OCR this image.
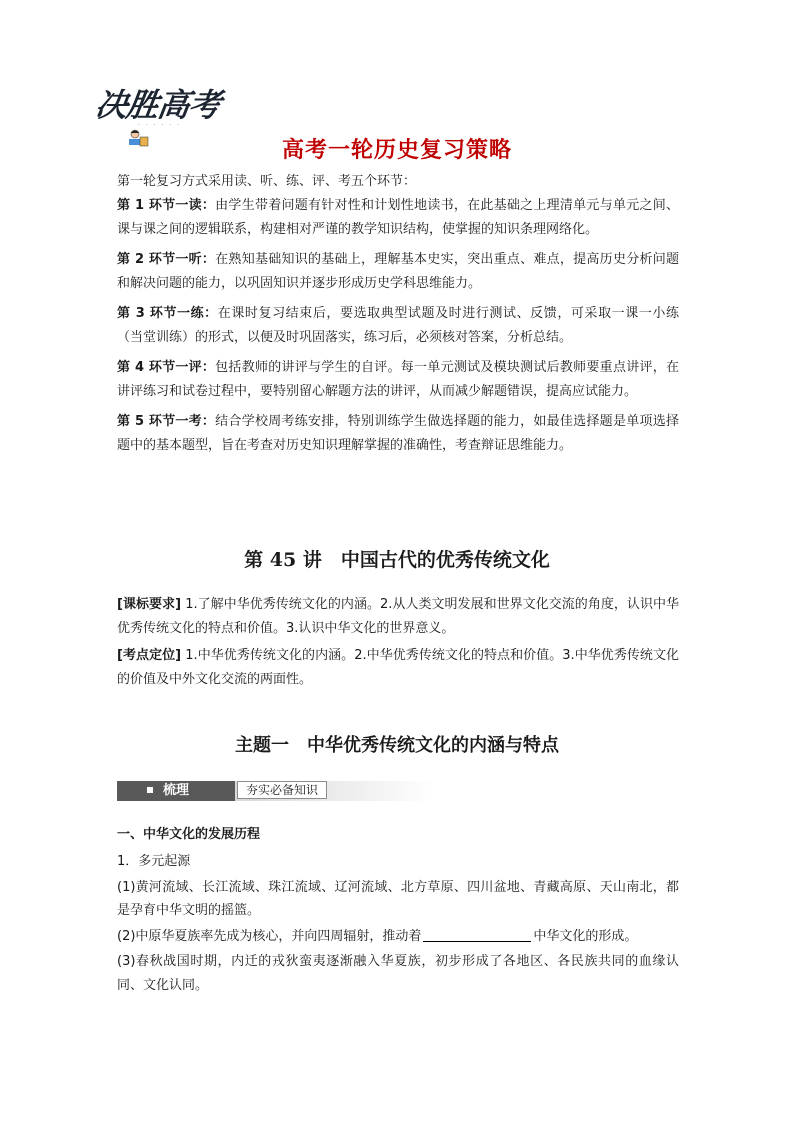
决胜高考
· · · · · ·
高考一轮历史复习策略
第一轮复习方式采用读、听、练、评、考五个环节：

第 1 环节一读：由学生带着问题有针对性和计划性地读书，在此基础之上理清单元与单元之间、课与课之间的逻辑联系，构建相对严谨的教学知识结构，使掌握的知识条理网络化。

第 2 环节一听：在熟知基础知识的基础上，理解基本史实，突出重点、难点，提高历史分析问题和解决问题的能力，以巩固知识并逐步形成历史学科思维能力。

第 3 环节一练：在课时复习结束后，要选取典型试题及时进行测试、反馈，可采取一课一小练（当堂训练）的形式，以便及时巩固落实，练习后，必须核对答案，分析总结。

第 4 环节一评：包括教师的讲评与学生的自评。每一单元测试及模块测试后教师要重点讲评，在讲评练习和试卷过程中，要特别留心解题方法的讲评，从而减少解题错误，提高应试能力。

第 5 环节一考：结合学校周考练安排，特别训练学生做选择题的能力，如最佳选择题是单项选择题中的基本题型，旨在考查对历史知识理解掌握的准确性，考查辩证思维能力。

第 45 讲　中国古代的优秀传统文化

[课标要求] 1.了解中华优秀传统文化的内涵。2.从人类文明发展和世界文化交流的角度，认识中华优秀传统文化的特点和价值。3.认识中华文化的世界意义。

[考点定位] 1.中华优秀传统文化的内涵。2.中华优秀传统文化的特点和价值。3.中华优秀传统文化的价值及中外文化交流的两面性。

主题一　中华优秀传统文化的内涵与特点
梳理	夯实必备知识
一、中华文化的发展历程

1．多元起源

(1)黄河流域、长江流域、珠江流域、辽河流域、北方草原、四川盆地、青藏高原、天山南北，都是孕育中华文明的摇篮。

(2)中原华夏族率先成为核心，并向四周辐射，推动着	中华文化的形成。

(3)春秋战国时期，内迁的戎狄蛮夷逐渐融入华夏族，初步形成了各地区、各民族共同的血缘认同、文化认同。
